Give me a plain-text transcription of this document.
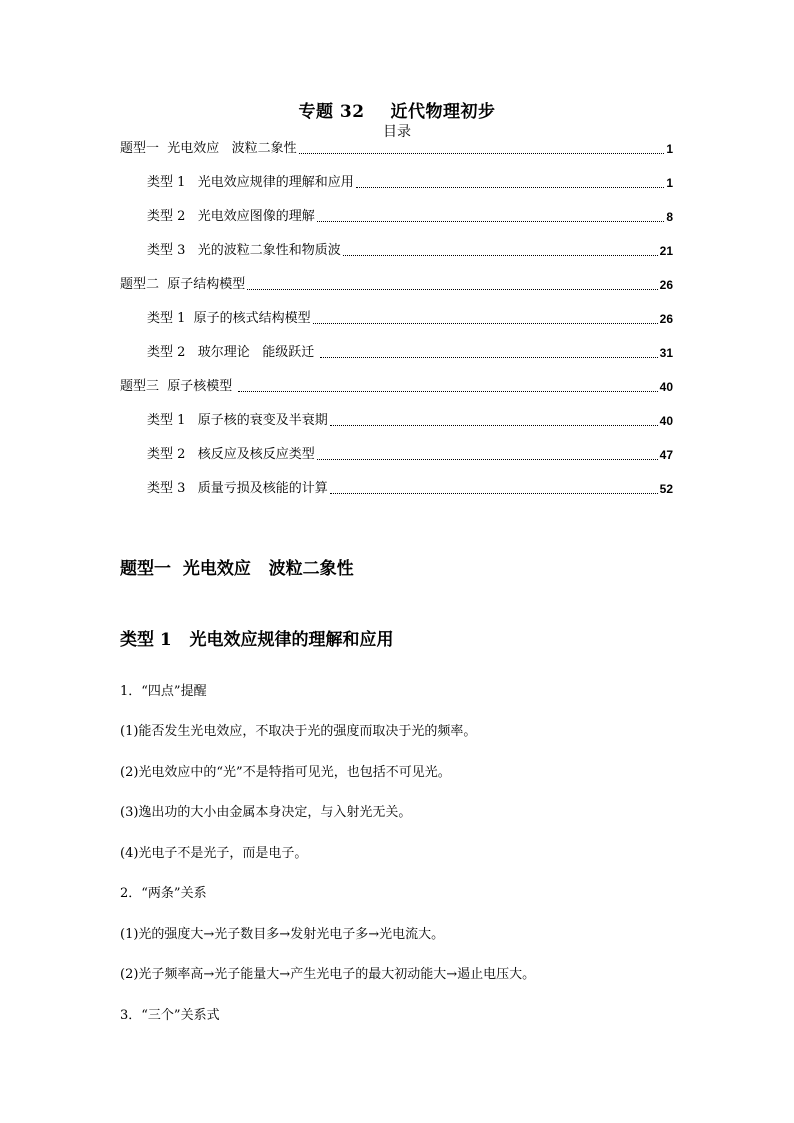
专题 32 近代物理初步
目录
题型一  光电效应   波粒二象性	1
类型 1   光电效应规律的理解和应用	1
类型 2   光电效应图像的理解	8
类型 3   光的波粒二象性和物质波	21
题型二  原子结构模型	26
类型 1  原子的核式结构模型	26
类型 2   玻尔理论   能级跃迁	31
题型三  原子核模型	40
类型 1   原子核的衰变及半衰期	40
类型 2   核反应及核反应类型	47
类型 3   质量亏损及核能的计算	52
题型一  光电效应   波粒二象性
类型 1   光电效应规律的理解和应用
1．“四点”提醒
(1)能否发生光电效应，不取决于光的强度而取决于光的频率。
(2)光电效应中的“光”不是特指可见光，也包括不可见光。
(3)逸出功的大小由金属本身决定，与入射光无关。
(4)光电子不是光子，而是电子。
2．“两条”关系
(1)光的强度大→光子数目多→发射光电子多→光电流大。
(2)光子频率高→光子能量大→产生光电子的最大初动能大→遏止电压大。
3．“三个”关系式
